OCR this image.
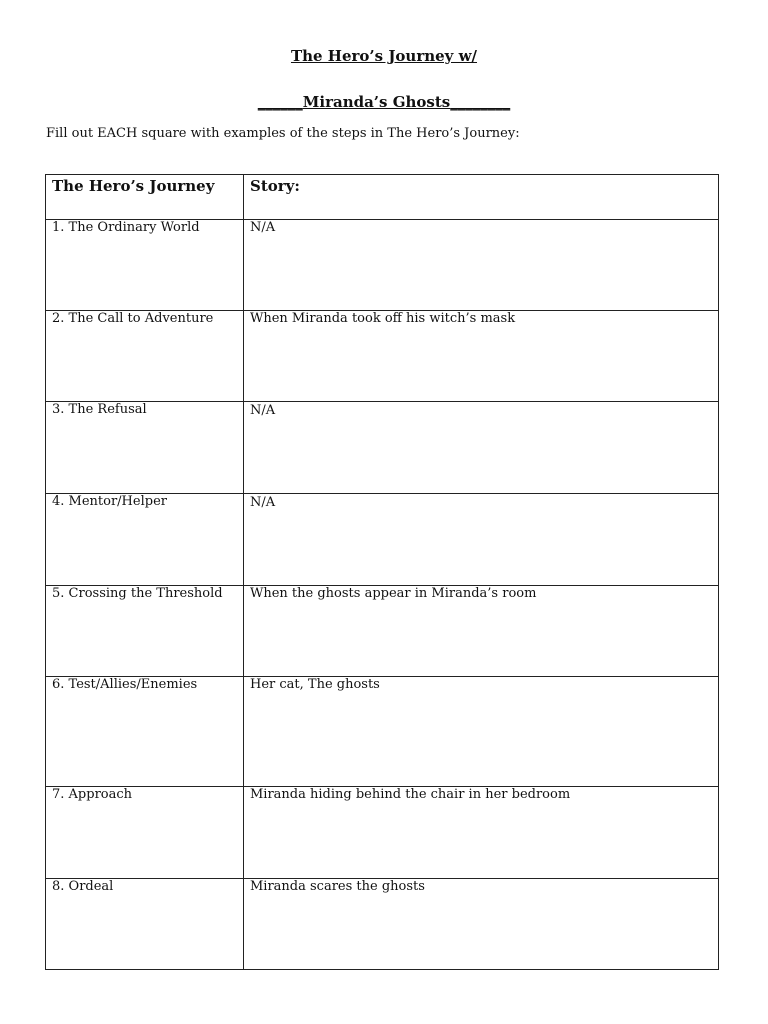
The Hero’s Journey w/
______Miranda’s Ghosts________
Fill out EACH square with examples of the steps in The Hero’s Journey:
The Hero’s Journey	Story:
1. The Ordinary World	N/A
2. The Call to Adventure	When Miranda took off his witch’s mask
3. The Refusal	N/A
4. Mentor/Helper	N/A
5. Crossing the Threshold	When the ghosts appear in Miranda’s room
6. Test/Allies/Enemies	Her cat, The ghosts
7. Approach	Miranda hiding behind the chair in her bedroom
8. Ordeal	Miranda scares the ghosts
